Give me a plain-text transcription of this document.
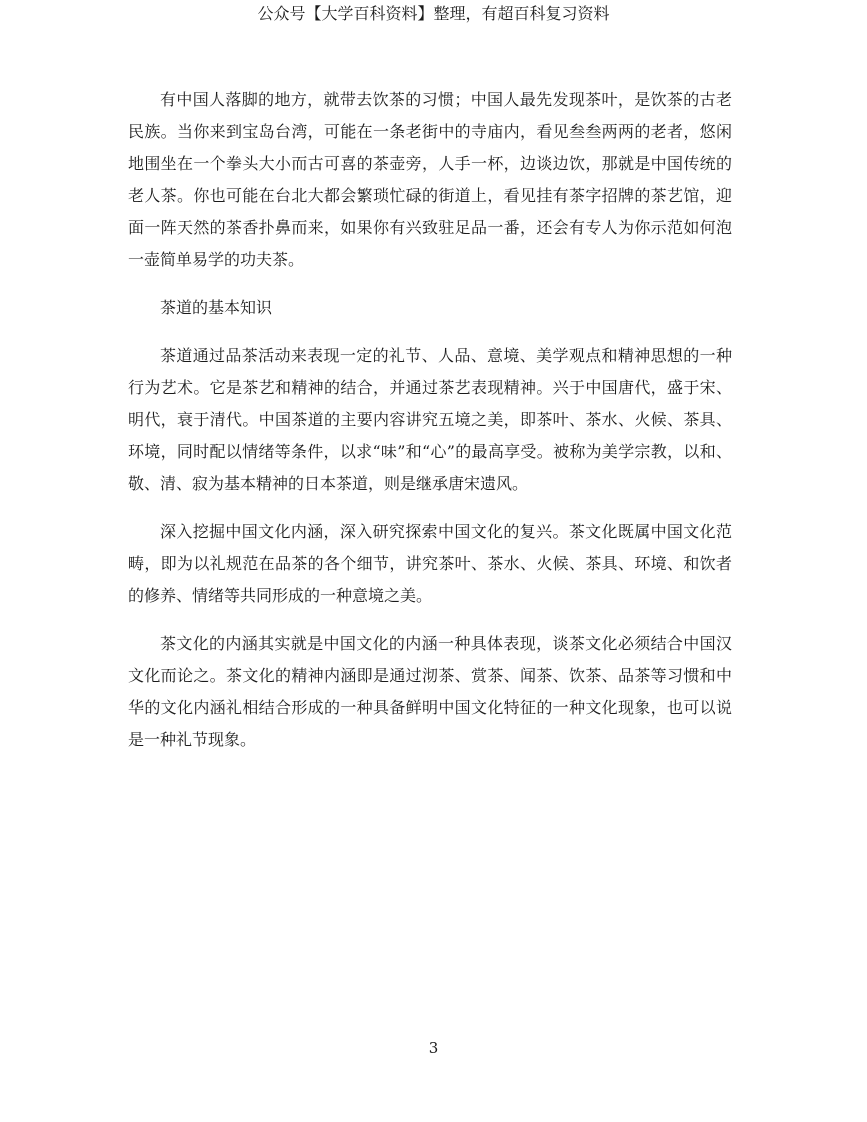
公众号【大学百科资料】整理，有超百科复习资料

有中国人落脚的地方，就带去饮茶的习惯；中国人最先发现茶叶，是饮茶的古老民族。当你来到宝岛台湾，可能在一条老街中的寺庙内，看见叁叁两两的老者，悠闲地围坐在一个拳头大小而古可喜的茶壶旁，人手一杯，边谈边饮，那就是中国传统的老人茶。你也可能在台北大都会繁琐忙碌的街道上，看见挂有茶字招牌的茶艺馆，迎面一阵天然的茶香扑鼻而来，如果你有兴致驻足品一番，还会有专人为你示范如何泡一壶简单易学的功夫茶。

茶道的基本知识

茶道通过品茶活动来表现一定的礼节、人品、意境、美学观点和精神思想的一种行为艺术。它是茶艺和精神的结合，并通过茶艺表现精神。兴于中国唐代，盛于宋、明代，衰于清代。中国茶道的主要内容讲究五境之美，即茶叶、茶水、火候、茶具、环境，同时配以情绪等条件，以求“味”和“心”的最高享受。被称为美学宗教，以和、敬、清、寂为基本精神的日本茶道，则是继承唐宋遗风。

深入挖掘中国文化内涵，深入研究探索中国文化的复兴。茶文化既属中国文化范畴，即为以礼规范在品茶的各个细节，讲究茶叶、茶水、火候、茶具、环境、和饮者的修养、情绪等共同形成的一种意境之美。

茶文化的内涵其实就是中国文化的内涵一种具体表现，谈茶文化必须结合中国汉文化而论之。茶文化的精神内涵即是通过沏茶、赏茶、闻茶、饮茶、品茶等习惯和中华的文化内涵礼相结合形成的一种具备鲜明中国文化特征的一种文化现象，也可以说是一种礼节现象。

3
